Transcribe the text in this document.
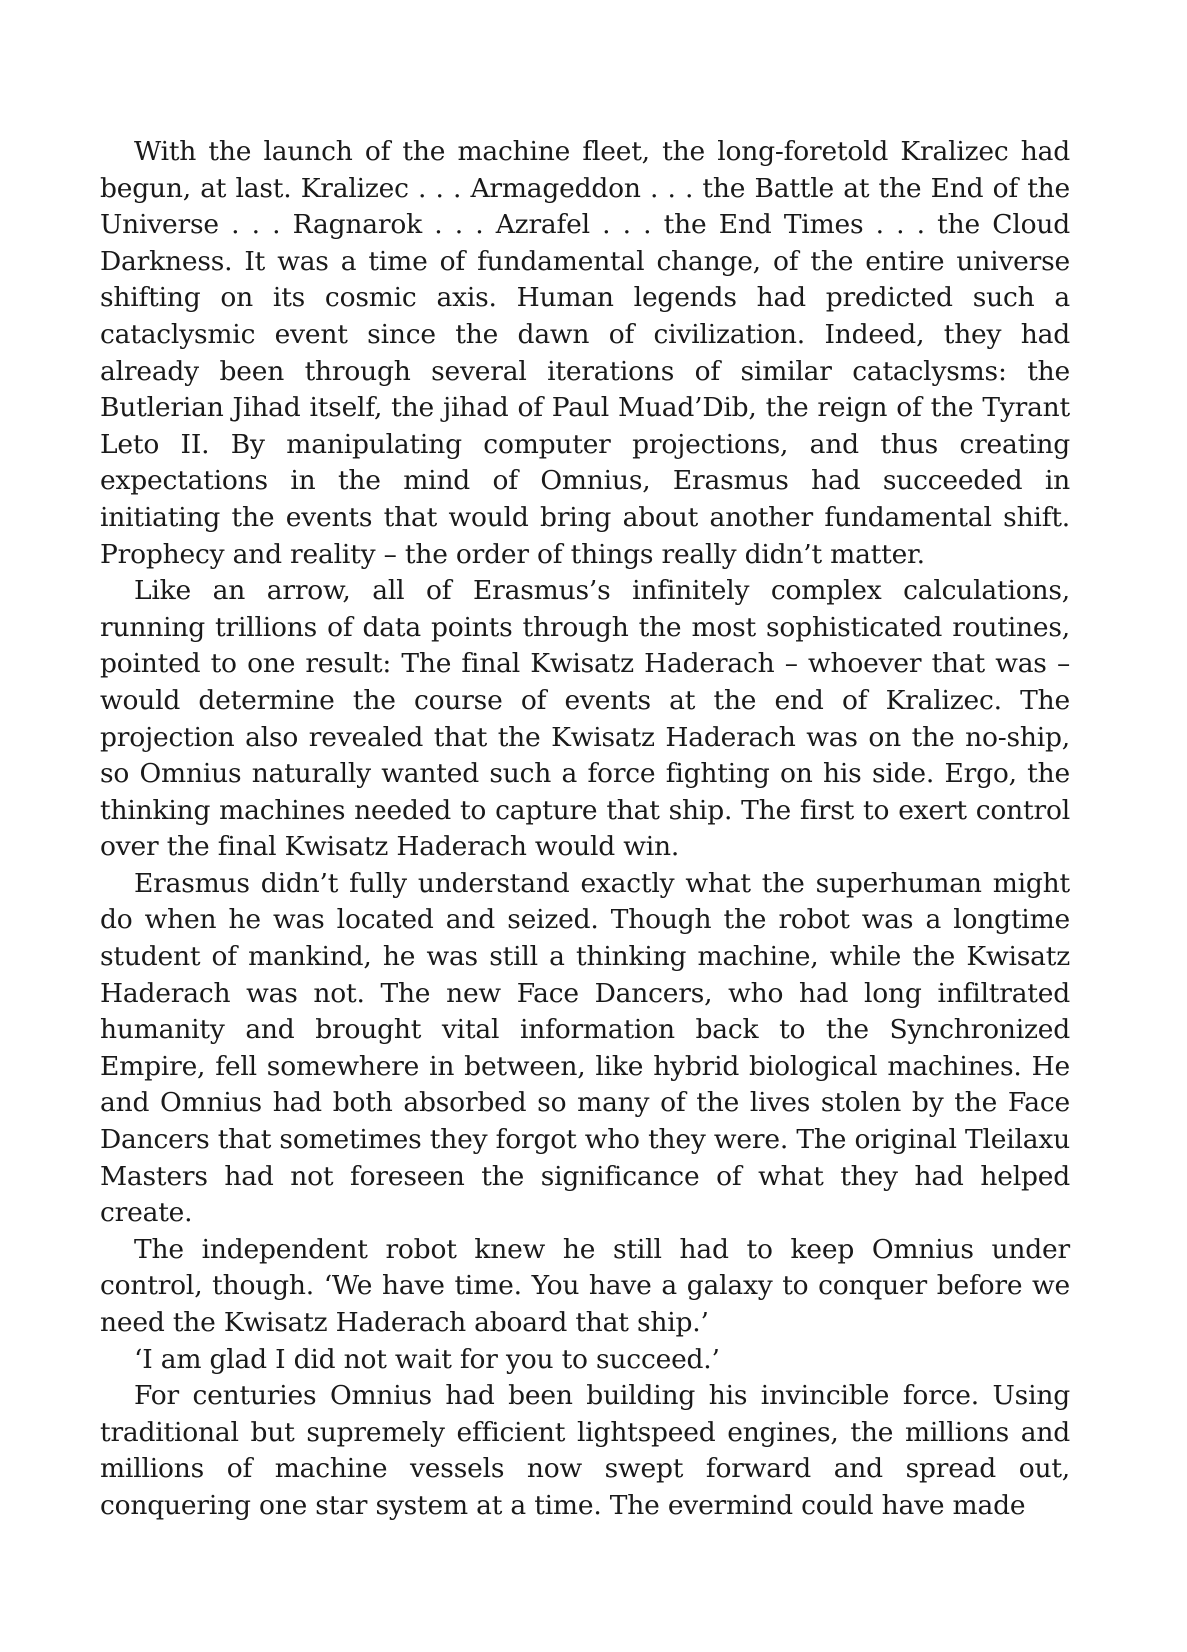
With the launch of the machine fleet, the long-foretold Kralizec had begun, at last. Kralizec . . . Armageddon . . . the Battle at the End of the Universe . . . Ragnarok . . . Azrafel . . . the End Times . . . the Cloud Darkness. It was a time of fundamental change, of the entire universe shifting on its cosmic axis. Human legends had predicted such a cataclysmic event since the dawn of civilization. Indeed, they had already been through several iterations of similar cataclysms: the Butlerian Jihad itself, the jihad of Paul Muad’Dib, the reign of the Tyrant Leto II. By manipulating computer projections, and thus creating expectations in the mind of Omnius, Erasmus had succeeded in initiating the events that would bring about another fundamental shift. Prophecy and reality – the order of things really didn’t matter.

Like an arrow, all of Erasmus’s infinitely complex calculations, running trillions of data points through the most sophisticated routines, pointed to one result: The final Kwisatz Haderach – whoever that was – would determine the course of events at the end of Kralizec. The projection also revealed that the Kwisatz Haderach was on the no-ship, so Omnius naturally wanted such a force fighting on his side. Ergo, the thinking machines needed to capture that ship. The first to exert control over the final Kwisatz Haderach would win.

Erasmus didn’t fully understand exactly what the superhuman might do when he was located and seized. Though the robot was a longtime student of mankind, he was still a thinking machine, while the Kwisatz Haderach was not. The new Face Dancers, who had long infiltrated humanity and brought vital information back to the Synchronized Empire, fell somewhere in between, like hybrid biological machines. He and Omnius had both absorbed so many of the lives stolen by the Face Dancers that sometimes they forgot who they were. The original Tleilaxu Masters had not foreseen the significance of what they had helped create.

The independent robot knew he still had to keep Omnius under control, though. ‘We have time. You have a galaxy to conquer before we need the Kwisatz Haderach aboard that ship.’

‘I am glad I did not wait for you to succeed.’

For centuries Omnius had been building his invincible force. Using traditional but supremely efficient lightspeed engines, the millions and millions of machine vessels now swept forward and spread out, conquering one star system at a time. The evermind could have made
